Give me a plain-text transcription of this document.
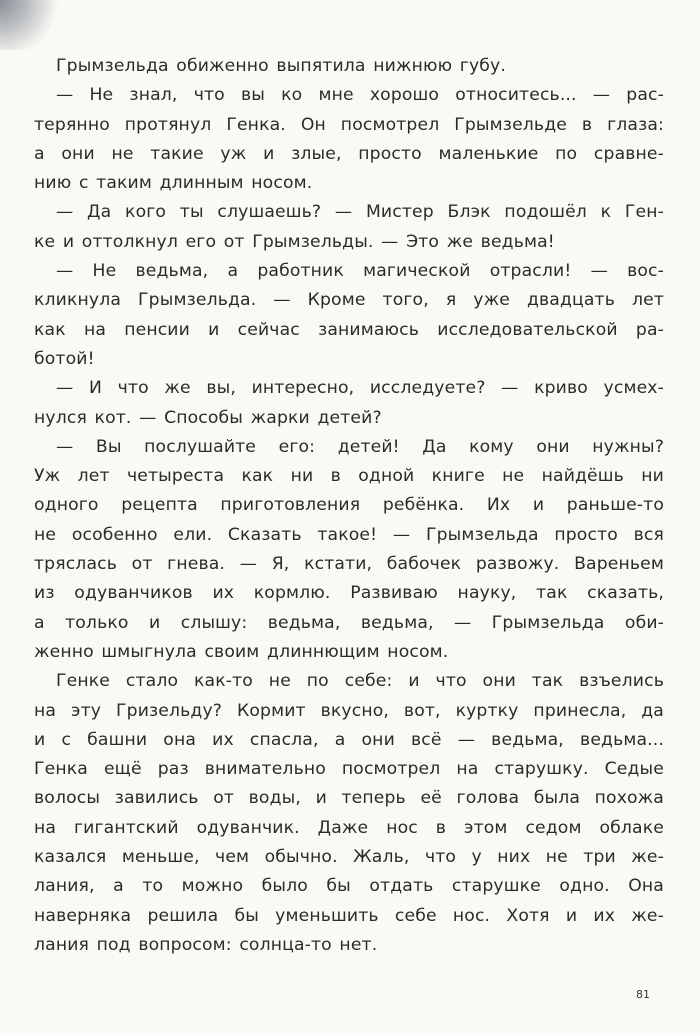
Грымзельда обиженно выпятила нижнюю губу.
— Не знал, что вы ко мне хорошо относитесь... — рас-
терянно протянул Генка. Он посмотрел Грымзельде в глаза:
а они не такие уж и злые, просто маленькие по сравне-
нию с таким длинным носом.
— Да кого ты слушаешь? — Мистер Блэк подошёл к Ген-
ке и оттолкнул его от Грымзельды. — Это же ведьма!
— Не ведьма, а работник магической отрасли! — вос-
кликнула Грымзельда. — Кроме того, я уже двадцать лет
как на пенсии и сейчас занимаюсь исследовательской ра-
ботой!
— И что же вы, интересно, исследуете? — криво усмех-
нулся кот. — Способы жарки детей?
— Вы послушайте его: детей! Да кому они нужны?
Уж лет четыреста как ни в одной книге не найдёшь ни
одного рецепта приготовления ребёнка. Их и раньше-то
не особенно ели. Сказать такое! — Грымзельда просто вся
тряслась от гнева. — Я, кстати, бабочек развожу. Вареньем
из одуванчиков их кормлю. Развиваю науку, так сказать,
а только и слышу: ведьма, ведьма, — Грымзельда оби-
женно шмыгнула своим длиннющим носом.
Генке стало как-то не по себе: и что они так взъелись
на эту Гризельду? Кормит вкусно, вот, куртку принесла, да
и с башни она их спасла, а они всё — ведьма, ведьма...
Генка ещё раз внимательно посмотрел на старушку. Седые
волосы завились от воды, и теперь её голова была похожа
на гигантский одуванчик. Даже нос в этом седом облаке
казался меньше, чем обычно. Жаль, что у них не три же-
лания, а то можно было бы отдать старушке одно. Она
наверняка решила бы уменьшить себе нос. Хотя и их же-
лания под вопросом: солнца-то нет.
81
